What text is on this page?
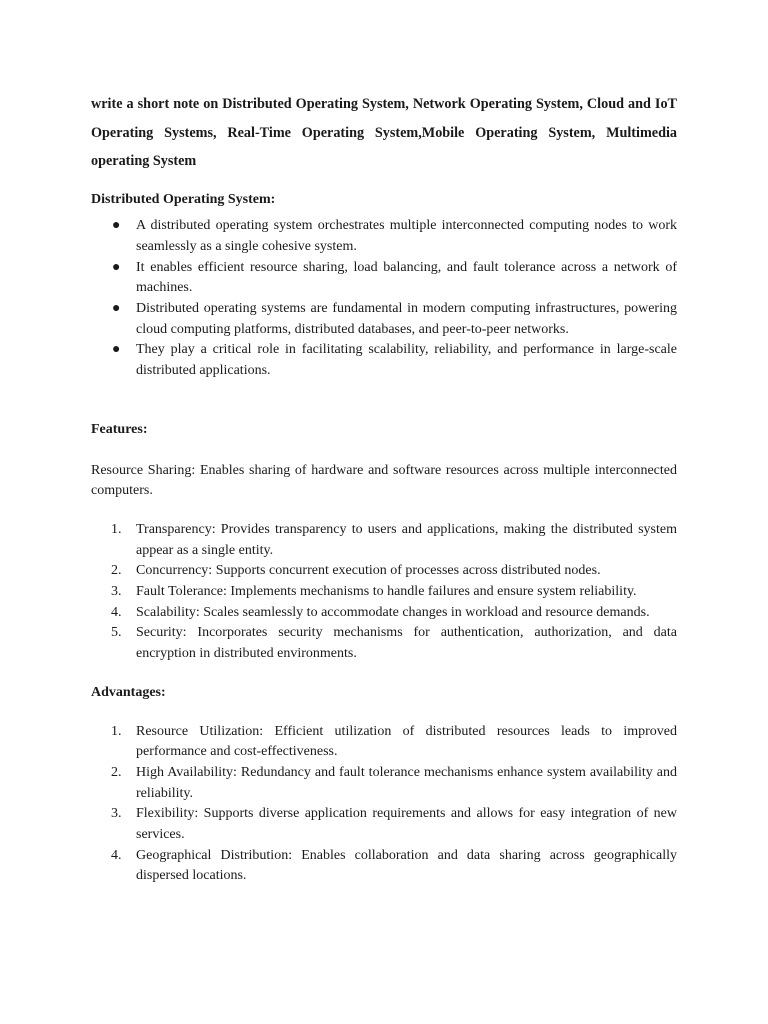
write a short note on Distributed Operating System, Network Operating System, Cloud and IoT Operating Systems, Real-Time Operating System,Mobile Operating System, Multimedia operating System

Distributed Operating System:

●	A distributed operating system orchestrates multiple interconnected computing nodes to work seamlessly as a single cohesive system.
●	It enables efficient resource sharing, load balancing, and fault tolerance across a network of machines.
●	Distributed operating systems are fundamental in modern computing infrastructures, powering cloud computing platforms, distributed databases, and peer-to-peer networks.
●	They play a critical role in facilitating scalability, reliability, and performance in large-scale distributed applications.

Features:

Resource Sharing: Enables sharing of hardware and software resources across multiple interconnected computers.

1.	Transparency: Provides transparency to users and applications, making the distributed system appear as a single entity.
2.	Concurrency: Supports concurrent execution of processes across distributed nodes.
3.	Fault Tolerance: Implements mechanisms to handle failures and ensure system reliability.
4.	Scalability: Scales seamlessly to accommodate changes in workload and resource demands.
5.	Security: Incorporates security mechanisms for authentication, authorization, and data encryption in distributed environments.

Advantages:

1.	Resource Utilization: Efficient utilization of distributed resources leads to improved performance and cost-effectiveness.
2.	High Availability: Redundancy and fault tolerance mechanisms enhance system availability and reliability.
3.	Flexibility: Supports diverse application requirements and allows for easy integration of new services.
4.	Geographical Distribution: Enables collaboration and data sharing across geographically dispersed locations.
